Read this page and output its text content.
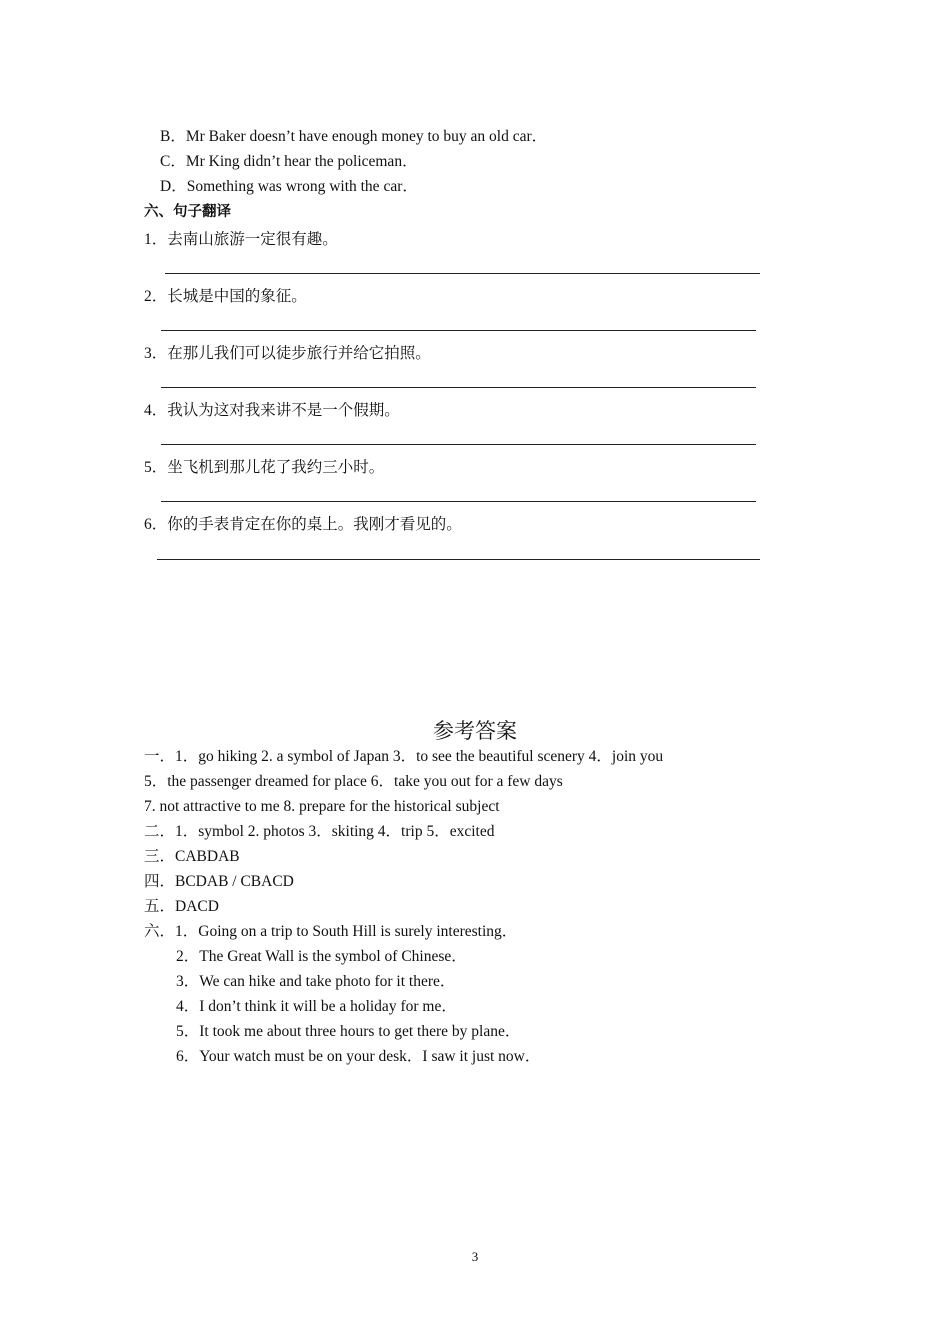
B．Mr Baker doesn’t have enough money to buy an old car．
C．Mr King didn’t hear the policeman．
D．Something was wrong with the car．
六、句子翻译
1．去南山旅游一定很有趣。
2．长城是中国的象征。
3．在那儿我们可以徒步旅行并给它拍照。
4．我认为这对我来讲不是一个假期。
5．坐飞机到那儿花了我约三小时。
6．你的手表肯定在你的桌上。我刚才看见的。
参考答案
一．1．go hiking 2. a symbol of Japan 3．to see the beautiful scenery 4．join you
5．the passenger dreamed for place 6．take you out for a few days
7. not attractive to me 8. prepare for the historical subject
二．1．symbol 2. photos 3．skiting 4．trip 5．excited
三．CABDAB
四．BCDAB / CBACD
五．DACD
六．1．Going on a trip to South Hill is surely interesting．
2．The Great Wall is the symbol of Chinese．
3．We can hike and take photo for it there．
4．I don’t think it will be a holiday for me．
5．It took me about three hours to get there by plane．
6．Your watch must be on your desk．I saw it just now．
3
